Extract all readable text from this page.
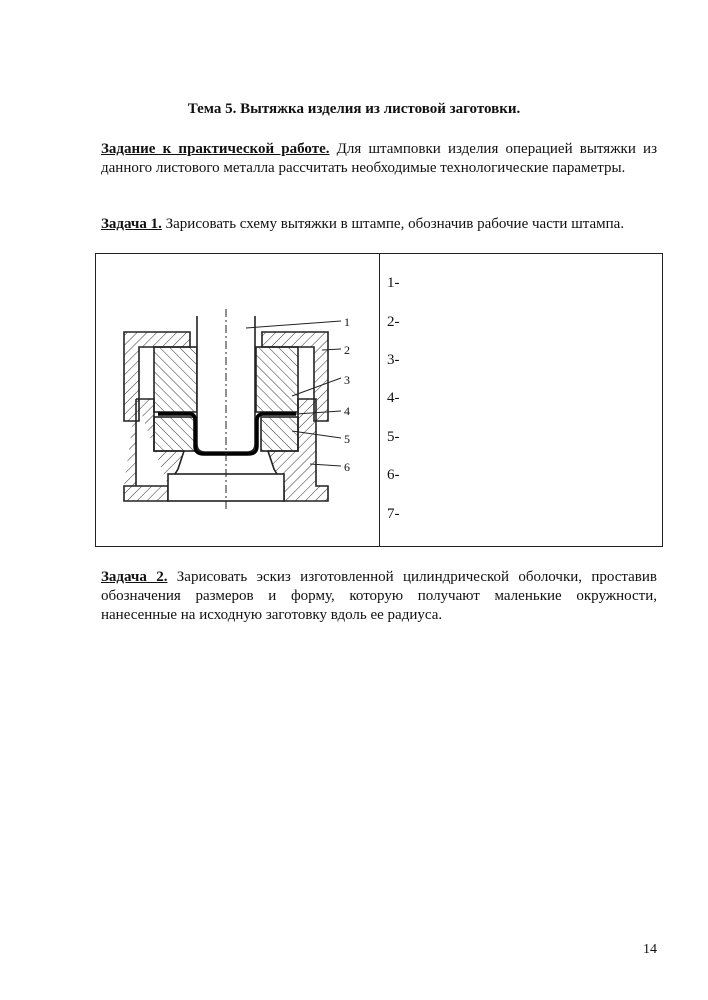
Тема 5. Вытяжка изделия из листовой заготовки.
Задание к практической работе. Для штамповки изделия операцией вытяжки из данного листового металла рассчитать необходимые технологические параметры.
Задача 1. Зарисовать схему вытяжки в штампе, обозначив рабочие части штампа.
1
2
3
4
5
6
1-
2-
3-
4-
5-
6-
7-
Задача 2. Зарисовать эскиз изготовленной цилиндрической оболочки, проставив обозначения размеров и форму, которую получают маленькие окружности, нанесенные на исходную заготовку вдоль ее радиуса.
14
